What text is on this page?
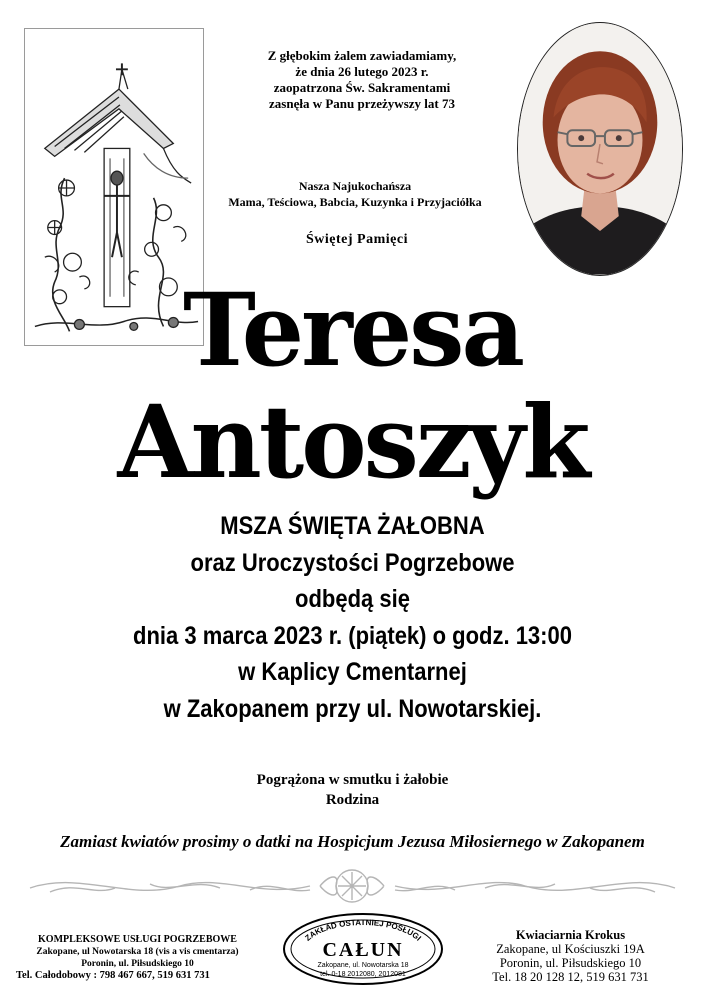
Z głębokim żalem zawiadamiamy,
że dnia 26 lutego 2023 r.
zaopatrzona Św. Sakramentami
zasnęła w Panu przeżywszy lat 73
Nasza Najukochańsza
Mama, Teściowa, Babcia, Kuzynka i Przyjaciółka
Świętej Pamięci
Teresa
Antoszyk
MSZA ŚWIĘTA ŻAŁOBNA
oraz Uroczystości Pogrzebowe
odbędą się
dnia 3 marca 2023 r. (piątek) o godz. 13:00
w Kaplicy Cmentarnej
w Zakopanem przy ul. Nowotarskiej.
Pogrążona w smutku i żałobie
Rodzina
Zamiast kwiatów prosimy o datki na Hospicjum Jezusa Miłosiernego w Zakopanem
KOMPLEKSOWE USŁUGI POGRZEBOWE
Zakopane, ul Nowotarska 18 (vis a vis cmentarza)
Poronin, ul. Piłsudskiego 10
Tel. Całodobowy : 798 467 667, 519 631 731
ZAKŁAD OSTATNIEJ POSŁUGI
CAŁUN
Zakopane, ul. Nowotarska 18
tel. 0-18 2012080, 2012081
Kwiaciarnia Krokus
Zakopane, ul Kościuszki 19A
Poronin, ul. Piłsudskiego 10
Tel. 18 20 128 12, 519 631 731
